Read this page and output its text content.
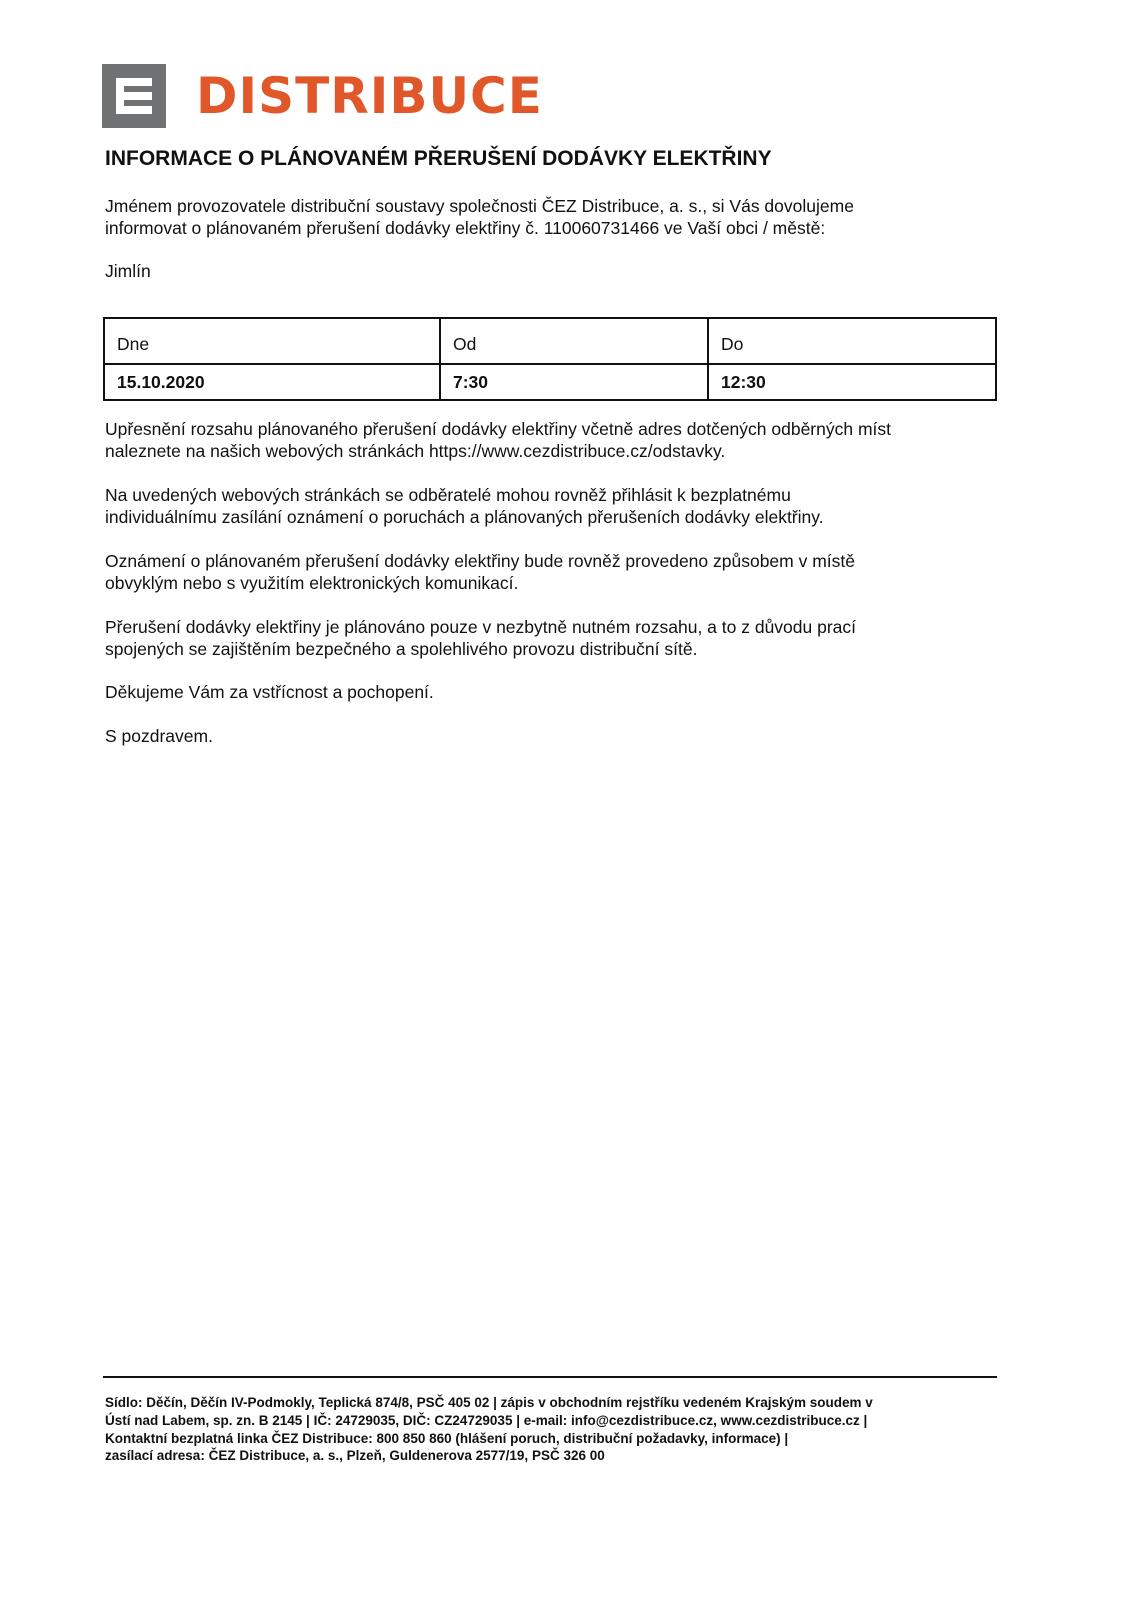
DISTRIBUCE
INFORMACE O PLÁNOVANÉM PŘERUŠENÍ DODÁVKY ELEKTŘINY

Jménem provozovatele distribuční soustavy společnosti ČEZ Distribuce, a. s., si Vás dovolujeme
informovat o plánovaném přerušení dodávky elektřiny č. 110060731466 ve Vaší obci / městě:

Jimlín

Dne	Od	Do
15.10.2020	7:30	12:30

Upřesnění rozsahu plánovaného přerušení dodávky elektřiny včetně adres dotčených odběrných míst
naleznete na našich webových stránkách https://www.cezdistribuce.cz/odstavky.

Na uvedených webových stránkách se odběratelé mohou rovněž přihlásit k bezplatnému
individuálnímu zasílání oznámení o poruchách a plánovaných přerušeních dodávky elektřiny.

Oznámení o plánovaném přerušení dodávky elektřiny bude rovněž provedeno způsobem v místě
obvyklým nebo s využitím elektronických komunikací.

Přerušení dodávky elektřiny je plánováno pouze v nezbytně nutném rozsahu, a to z důvodu prací
spojených se zajištěním bezpečného a spolehlivého provozu distribuční sítě.

Děkujeme Vám za vstřícnost a pochopení.

S pozdravem.

Sídlo: Děčín, Děčín IV-Podmokly, Teplická 874/8, PSČ 405 02 | zápis v obchodním rejstříku vedeném Krajským soudem v
Ústí nad Labem, sp. zn. B 2145 | IČ: 24729035, DIČ: CZ24729035 | e-mail: info@cezdistribuce.cz, www.cezdistribuce.cz |
Kontaktní bezplatná linka ČEZ Distribuce: 800 850 860 (hlášení poruch, distribuční požadavky, informace) |
zasílací adresa: ČEZ Distribuce, a. s., Plzeň, Guldenerova 2577/19, PSČ 326 00
